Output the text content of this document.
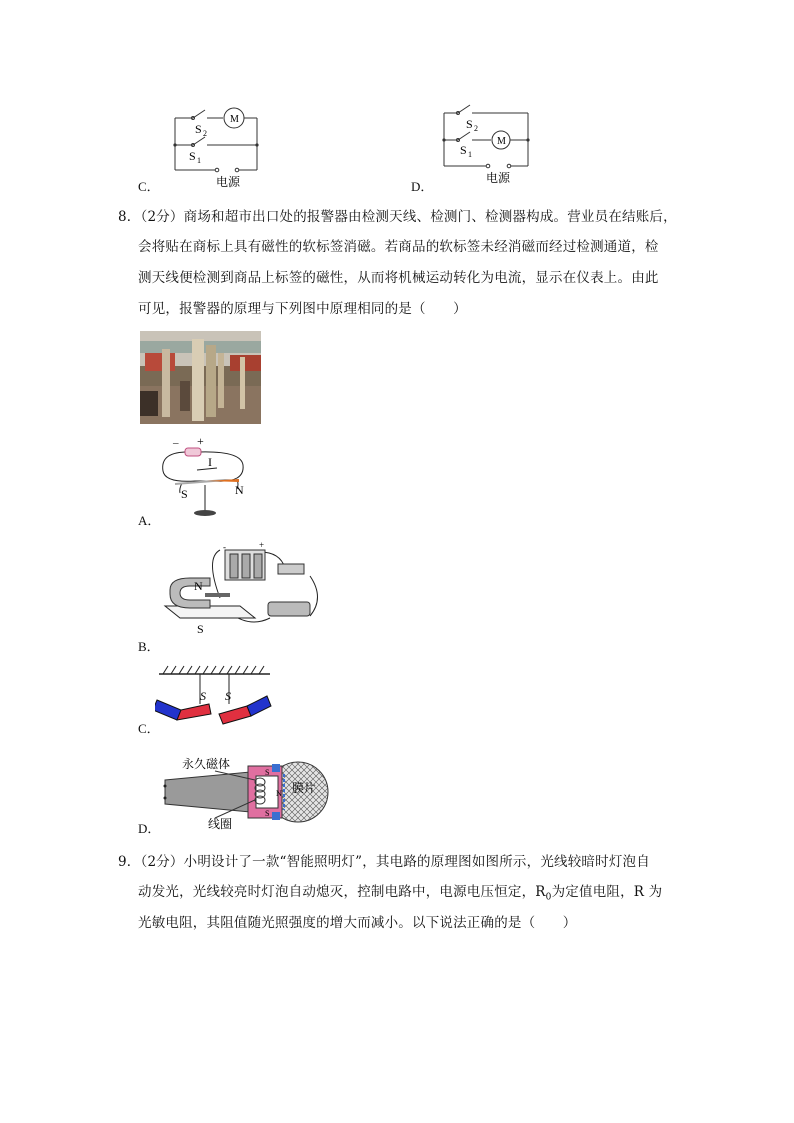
M
S 2
S 1
电源
C．
M
S 2
S 1
电源
D．
8．（2分）商场和超市出口处的报警器由检测天线、检测门、检测器构成。营业员在结账后，
会将贴在商标上具有磁性的软标签消磁。若商品的软标签未经消磁而经过检测通道，检
测天线便检测到商品上标签的磁性，从而将机械运动转化为电流，显示在仪表上。由此
可见，报警器的原理与下列图中原理相同的是（　　）
– +
I
S	N
A．
N
S
-	+
B．
S S
C．
永久磁体
膜片
线圈
S
S
N
D．
9．（2分）小明设计了一款“智能照明灯”，其电路的原理图如图所示，光线较暗时灯泡自
动发光，光线较亮时灯泡自动熄灭，控制电路中，电源电压恒定，$R_0$为定值电阻，R 为
光敏电阻，其阻值随光照强度的增大而减小。以下说法正确的是（　　）
